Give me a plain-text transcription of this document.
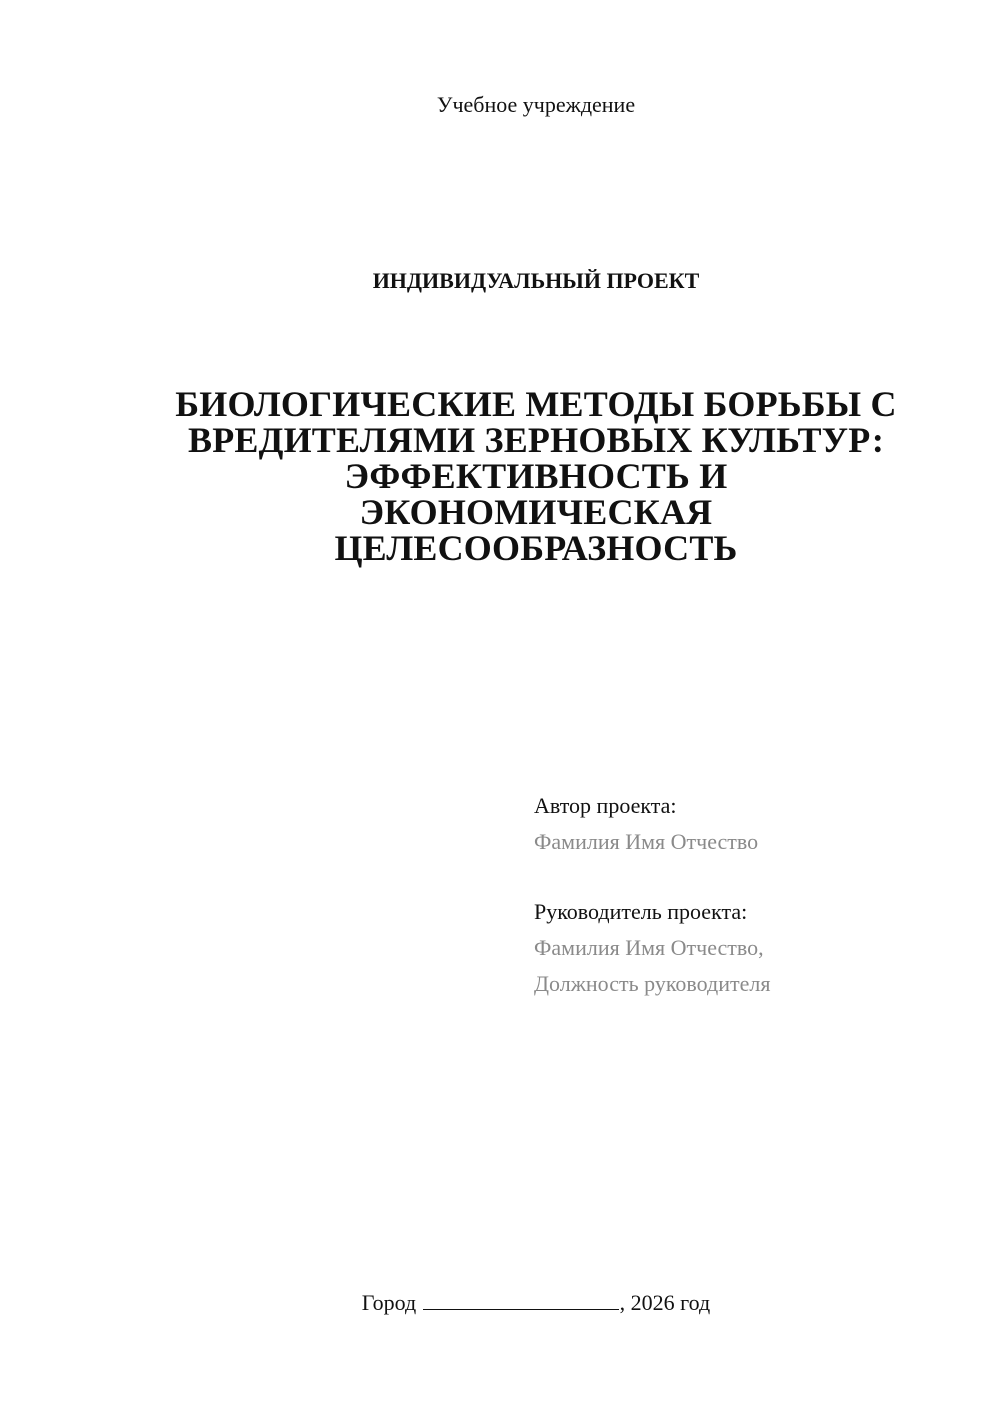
Учебное учреждение
ИНДИВИДУАЛЬНЫЙ ПРОЕКТ
БИОЛОГИЧЕСКИЕ МЕТОДЫ БОРЬБЫ С
ВРЕДИТЕЛЯМИ ЗЕРНОВЫХ КУЛЬТУР:
ЭФФЕКТИВНОСТЬ И
ЭКОНОМИЧЕСКАЯ
ЦЕЛЕСООБРАЗНОСТЬ
Автор проекта:
Фамилия Имя Отчество
Руководитель проекта:
Фамилия Имя Отчество,
Должность руководителя
Город	, 2026 год
